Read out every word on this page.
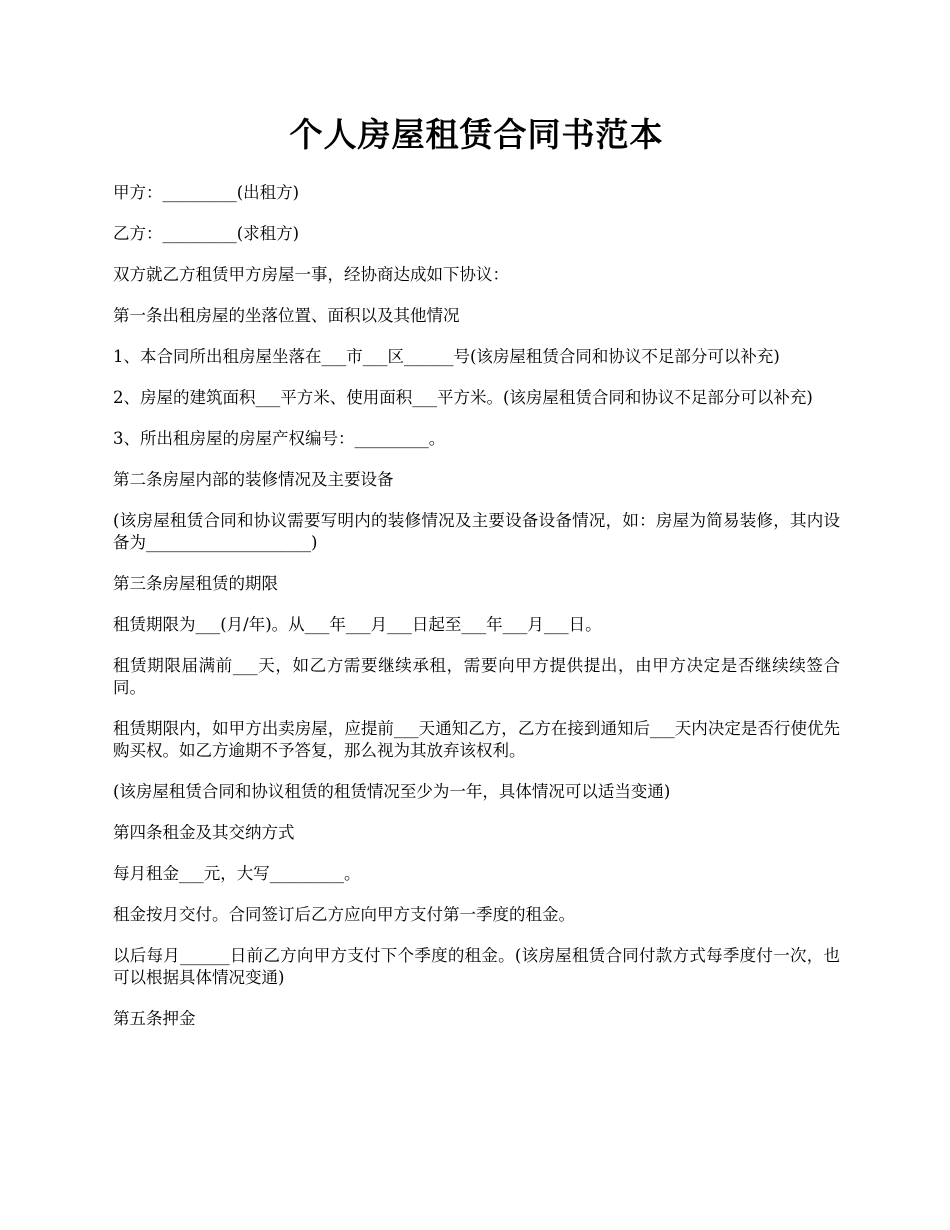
个人房屋租赁合同书范本

甲方：_________(出租方)

乙方：_________(求租方)

双方就乙方租赁甲方房屋一事，经协商达成如下协议：

第一条出租房屋的坐落位置、面积以及其他情况

1、本合同所出租房屋坐落在___市___区______号(该房屋租赁合同和协议不足部分可以补充)

2、房屋的建筑面积___平方米、使用面积___平方米。(该房屋租赁合同和协议不足部分可以补充)

3、所出租房屋的房屋产权编号：_________。

第二条房屋内部的装修情况及主要设备

(该房屋租赁合同和协议需要写明内的装修情况及主要设备设备情况，如：房屋为简易装修，其内设备为____________________)

第三条房屋租赁的期限

租赁期限为___(月/年)。从___年___月___日起至___年___月___日。

租赁期限届满前___天，如乙方需要继续承租，需要向甲方提供提出，由甲方决定是否继续续签合同。

租赁期限内，如甲方出卖房屋，应提前___天通知乙方，乙方在接到通知后___天内决定是否行使优先购买权。如乙方逾期不予答复，那么视为其放弃该权利。

(该房屋租赁合同和协议租赁的租赁情况至少为一年，具体情况可以适当变通)

第四条租金及其交纳方式

每月租金___元，大写_________。

租金按月交付。合同签订后乙方应向甲方支付第一季度的租金。

以后每月______日前乙方向甲方支付下个季度的租金。(该房屋租赁合同付款方式每季度付一次，也可以根据具体情况变通)

第五条押金
